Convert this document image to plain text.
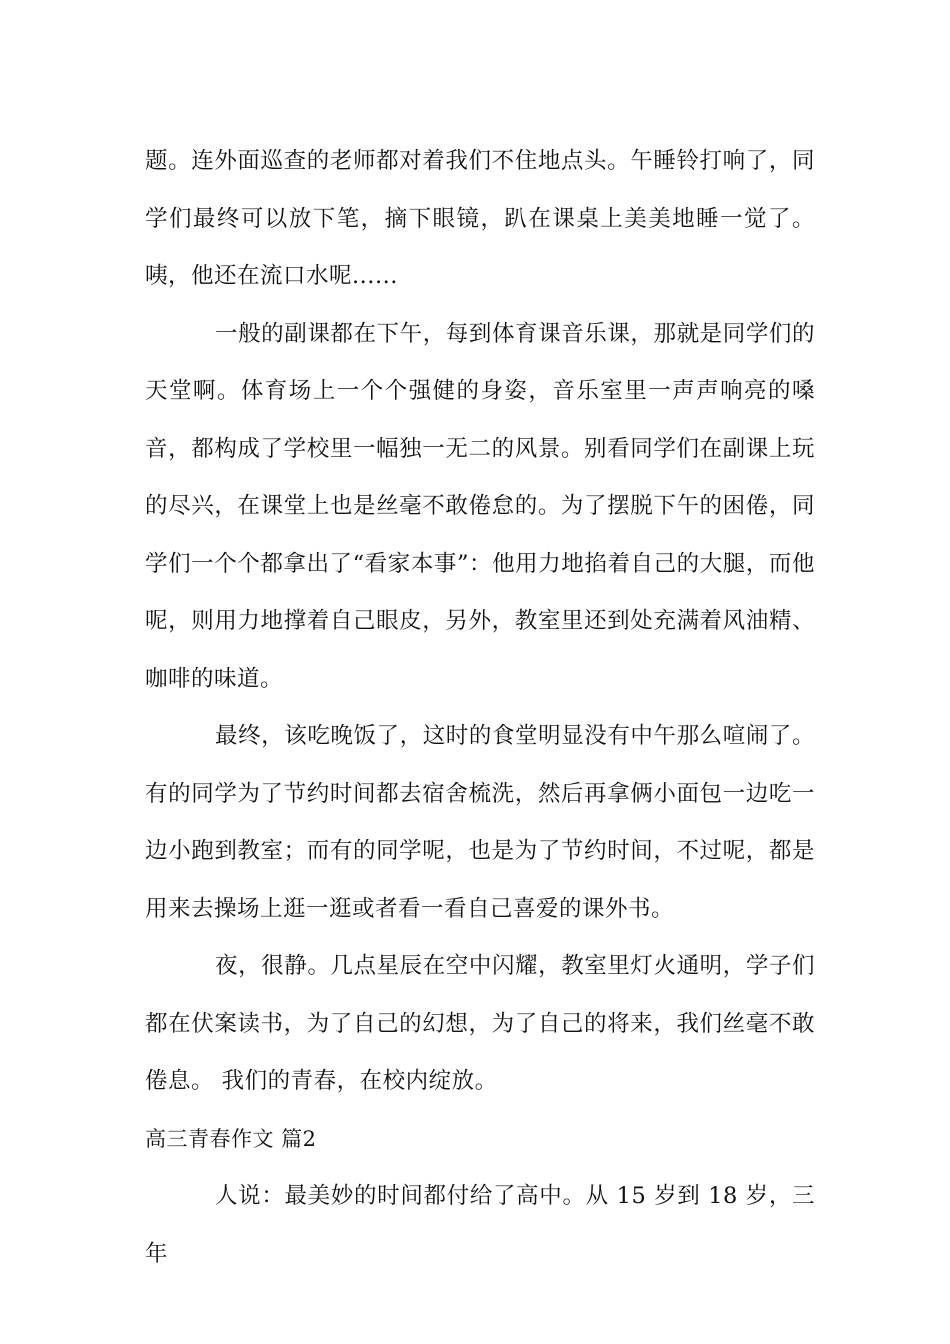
题。连外面巡查的老师都对着我们不住地点头。午睡铃打响了，同学们最终可以放下笔，摘下眼镜，趴在课桌上美美地睡一觉了。咦，他还在流口水呢......

一般的副课都在下午，每到体育课音乐课，那就是同学们的天堂啊。体育场上一个个强健的身姿，音乐室里一声声响亮的嗓音，都构成了学校里一幅独一无二的风景。别看同学们在副课上玩的尽兴，在课堂上也是丝毫不敢倦怠的。为了摆脱下午的困倦，同学们一个个都拿出了“看家本事”：他用力地掐着自己的大腿，而他呢，则用力地撑着自己眼皮，另外，教室里还到处充满着风油精、咖啡的味道。

最终，该吃晚饭了，这时的食堂明显没有中午那么喧闹了。有的同学为了节约时间都去宿舍梳洗，然后再拿俩小面包一边吃一边小跑到教室；而有的同学呢，也是为了节约时间，不过呢，都是用来去操场上逛一逛或者看一看自己喜爱的课外书。

夜，很静。几点星辰在空中闪耀，教室里灯火通明，学子们都在伏案读书，为了自己的幻想，为了自己的将来，我们丝毫不敢倦息。 我们的青春，在校内绽放。

高三青春作文 篇2

人说：最美妙的时间都付给了高中。从 15 岁到 18 岁，三年
